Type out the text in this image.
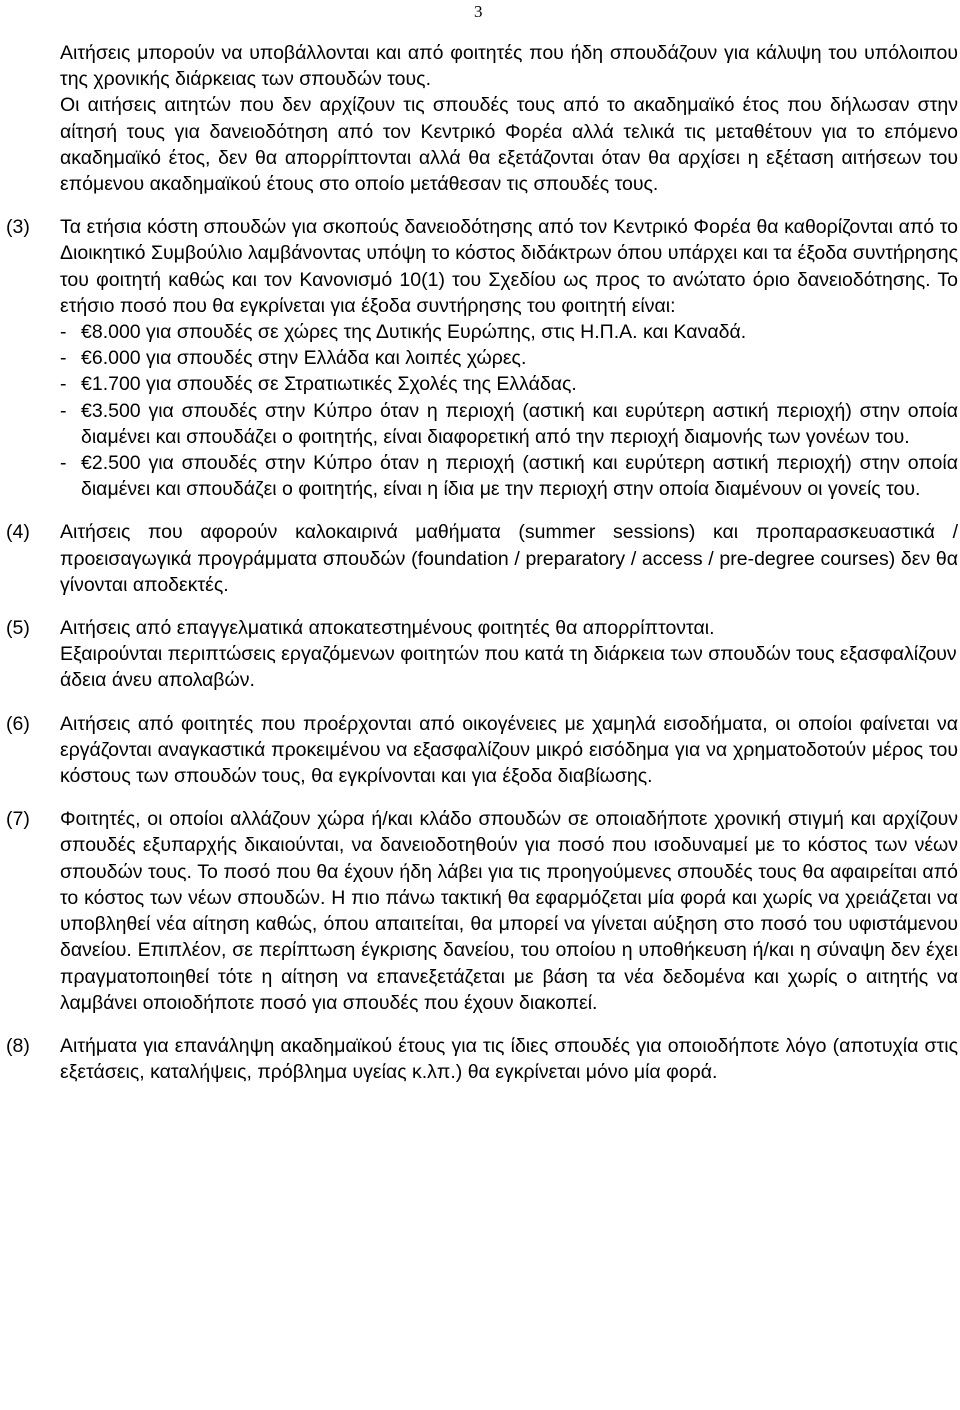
3

Αιτήσεις μπορούν να υποβάλλονται και από φοιτητές που ήδη σπουδάζουν για κάλυψη του υπόλοιπου της χρονικής διάρκειας των σπουδών τους.

Οι αιτήσεις αιτητών που δεν αρχίζουν τις σπουδές τους από το ακαδημαϊκό έτος που δήλωσαν στην αίτησή τους για δανειοδότηση από τον Κεντρικό Φορέα αλλά τελικά τις μεταθέτουν για το επόμενο ακαδημαϊκό έτος, δεν θα απορρίπτονται αλλά θα εξετάζονται όταν θα αρχίσει η εξέταση αιτήσεων του επόμενου ακαδημαϊκού έτους στο οποίο μετάθεσαν τις σπουδές τους.

(3) Τα ετήσια κόστη σπουδών για σκοπούς δανειοδότησης από τον Κεντρικό Φορέα θα καθορίζονται από το Διοικητικό Συμβούλιο λαμβάνοντας υπόψη το κόστος διδάκτρων όπου υπάρχει και τα έξοδα συντήρησης του φοιτητή καθώς και τον Κανονισμό 10(1) του Σχεδίου ως προς το ανώτατο όριο δανειοδότησης. Το ετήσιο ποσό που θα εγκρίνεται για έξοδα συντήρησης του φοιτητή είναι:

- €8.000 για σπουδές σε χώρες της Δυτικής Ευρώπης, στις Η.Π.Α. και Καναδά.

- €6.000 για σπουδές στην Ελλάδα και λοιπές χώρες.

- €1.700 για σπουδές σε Στρατιωτικές Σχολές της Ελλάδας.

- €3.500 για σπουδές στην Κύπρο όταν η περιοχή (αστική και ευρύτερη αστική περιοχή) στην οποία διαμένει και σπουδάζει ο φοιτητής, είναι διαφορετική από την περιοχή διαμονής των γονέων του.

- €2.500 για σπουδές στην Κύπρο όταν η περιοχή (αστική και ευρύτερη αστική περιοχή) στην οποία διαμένει και σπουδάζει ο φοιτητής, είναι η ίδια με την περιοχή στην οποία διαμένουν οι γονείς του.

(4) Αιτήσεις που αφορούν καλοκαιρινά μαθήματα (summer sessions) και προπαρασκευαστικά / προεισαγωγικά προγράμματα σπουδών (foundation / preparatory / access / pre-degree courses) δεν θα γίνονται αποδεκτές.

(5) Αιτήσεις από επαγγελματικά αποκατεστημένους φοιτητές θα απορρίπτονται.

Εξαιρούνται περιπτώσεις εργαζόμενων φοιτητών που κατά τη διάρκεια των σπουδών τους εξασφαλίζουν άδεια άνευ απολαβών.

(6) Αιτήσεις από φοιτητές που προέρχονται από οικογένειες με χαμηλά εισοδήματα, οι οποίοι φαίνεται να εργάζονται αναγκαστικά προκειμένου να εξασφαλίζουν μικρό εισόδημα για να χρηματοδοτούν μέρος του κόστους των σπουδών τους, θα εγκρίνονται και για έξοδα διαβίωσης.

(7) Φοιτητές, οι οποίοι αλλάζουν χώρα ή/και κλάδο σπουδών σε οποιαδήποτε χρονική στιγμή και αρχίζουν σπουδές εξυπαρχής δικαιούνται, να δανειοδοτηθούν για ποσό που ισοδυναμεί με το κόστος των νέων σπουδών τους. Το ποσό που θα έχουν ήδη λάβει για τις προηγούμενες σπουδές τους θα αφαιρείται από το κόστος των νέων σπουδών. Η πιο πάνω τακτική θα εφαρμόζεται μία φορά και χωρίς να χρειάζεται να υποβληθεί νέα αίτηση καθώς, όπου απαιτείται, θα μπορεί να γίνεται αύξηση στο ποσό του υφιστάμενου δανείου. Επιπλέον, σε περίπτωση έγκρισης δανείου, του οποίου η υποθήκευση ή/και η σύναψη δεν έχει πραγματοποιηθεί τότε η αίτηση να επανεξετάζεται με βάση τα νέα δεδομένα και χωρίς ο αιτητής να λαμβάνει οποιοδήποτε ποσό για σπουδές που έχουν διακοπεί.

(8) Αιτήματα για επανάληψη ακαδημαϊκού έτους για τις ίδιες σπουδές για οποιοδήποτε λόγο (αποτυχία στις εξετάσεις, καταλήψεις, πρόβλημα υγείας κ.λπ.) θα εγκρίνεται μόνο μία φορά.
